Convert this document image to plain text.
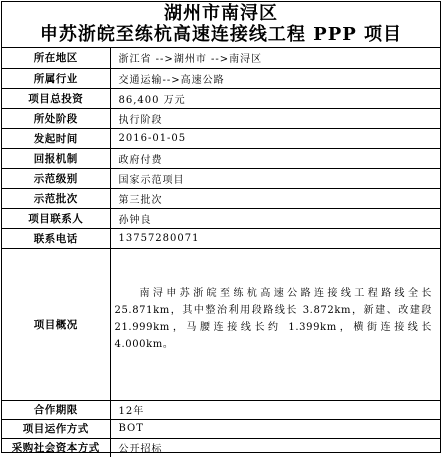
湖州市南浔区
申苏浙皖至练杭高速连接线工程 PPP 项目
所在地区	浙江省 -->湖州市 -->南浔区
所属行业	交通运输-->高速公路
项目总投资	86,400 万元
所处阶段	执行阶段
发起时间	2016-01-05
回报机制	政府付费
示范级别	国家示范项目
示范批次	第三批次
项目联系人	孙钟良
联系电话	13757280071
项目概况	南浔申苏浙皖至练杭高速公路连接线工程路线全长 25.871km，其中整治利用段路线长 3.872km，新建、改建段 21.999km，马腰连接线长约 1.399km，横街连接线长 4.000km。

合作期限	12年
项目运作方式	BOT
采购社会资本方式	公开招标
